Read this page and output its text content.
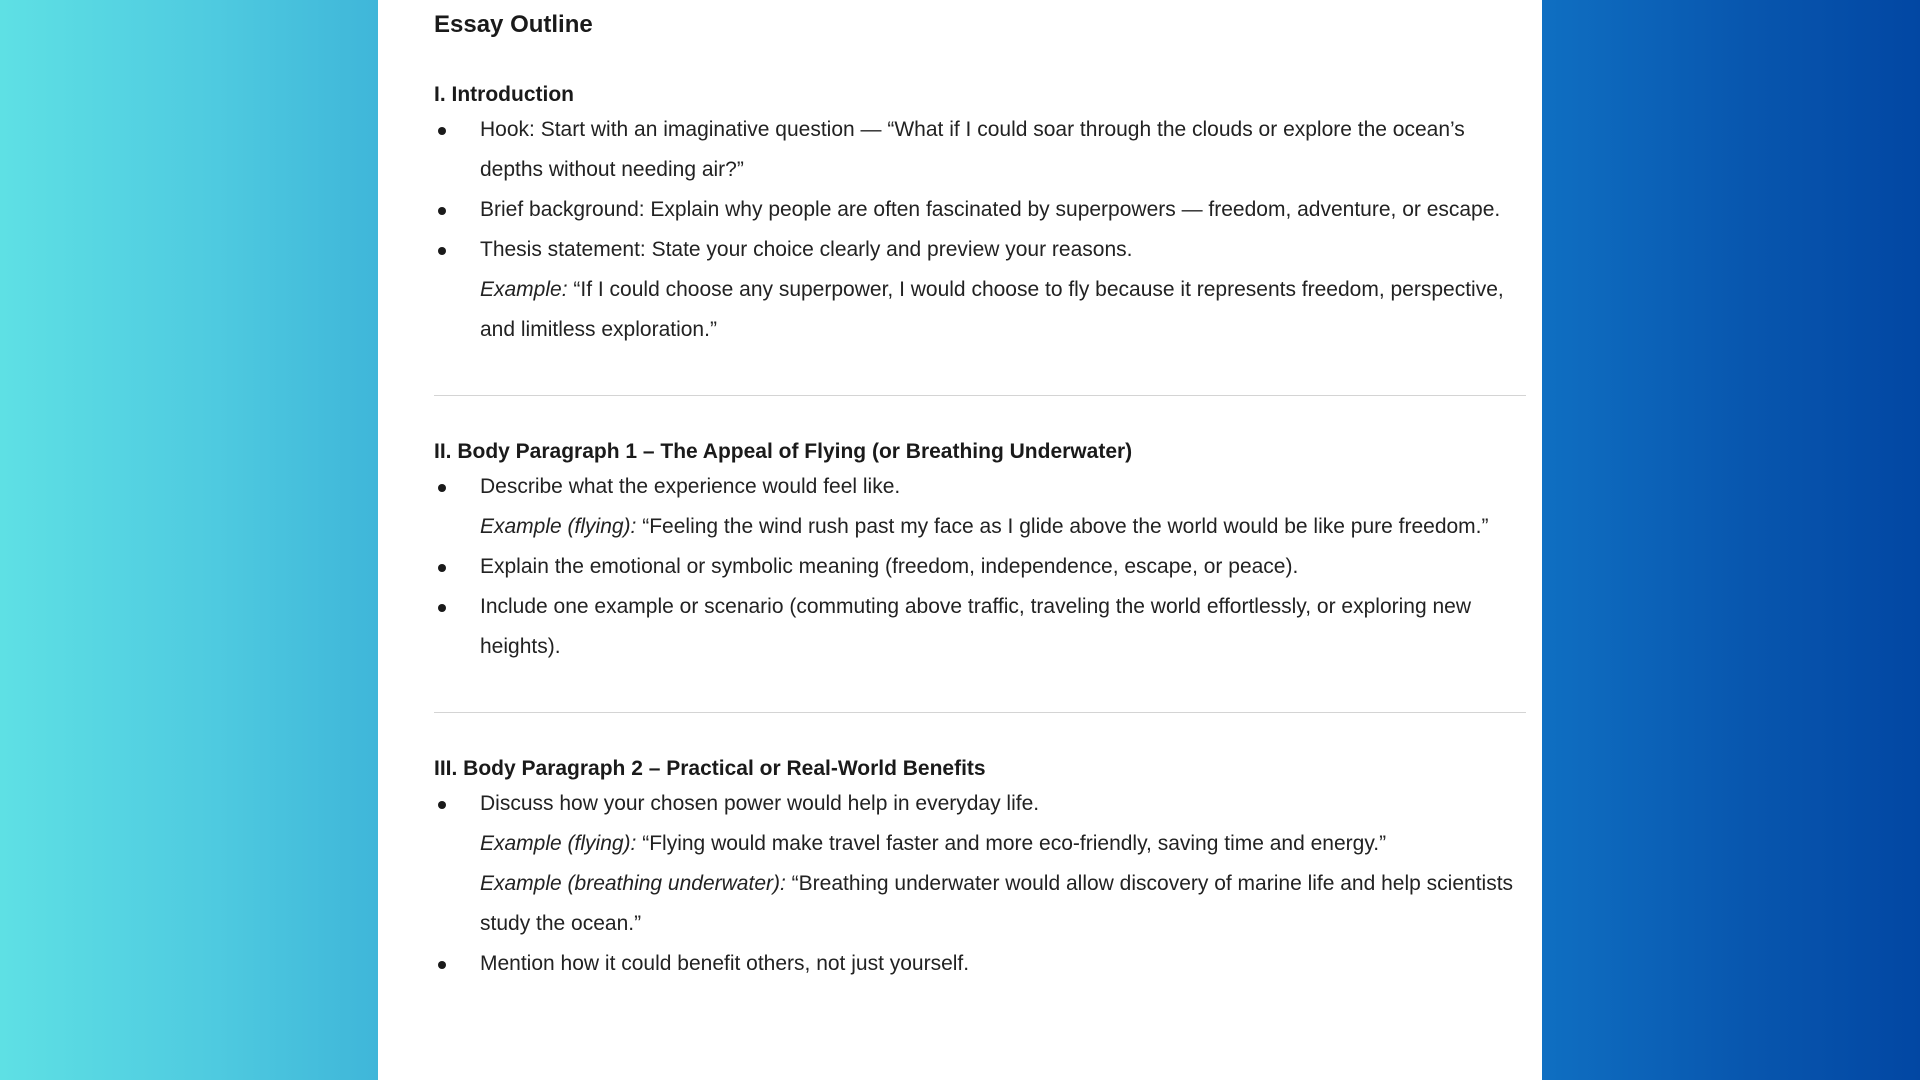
Essay Outline
I. Introduction
Hook: Start with an imaginative question — “What if I could soar through the clouds or explore the ocean’s depths without needing air?”
Brief background: Explain why people are often fascinated by superpowers — freedom, adventure, or escape.
Thesis statement: State your choice clearly and preview your reasons.
Example: “If I could choose any superpower, I would choose to fly because it represents freedom, perspective, and limitless exploration.”
II. Body Paragraph 1 – The Appeal of Flying (or Breathing Underwater)
Describe what the experience would feel like.
Example (flying): “Feeling the wind rush past my face as I glide above the world would be like pure freedom.”
Explain the emotional or symbolic meaning (freedom, independence, escape, or peace).
Include one example or scenario (commuting above traffic, traveling the world effortlessly, or exploring new heights).
III. Body Paragraph 2 – Practical or Real-World Benefits
Discuss how your chosen power would help in everyday life.
Example (flying): “Flying would make travel faster and more eco-friendly, saving time and energy.”
Example (breathing underwater): “Breathing underwater would allow discovery of marine life and help scientists study the ocean.”
Mention how it could benefit others, not just yourself.
